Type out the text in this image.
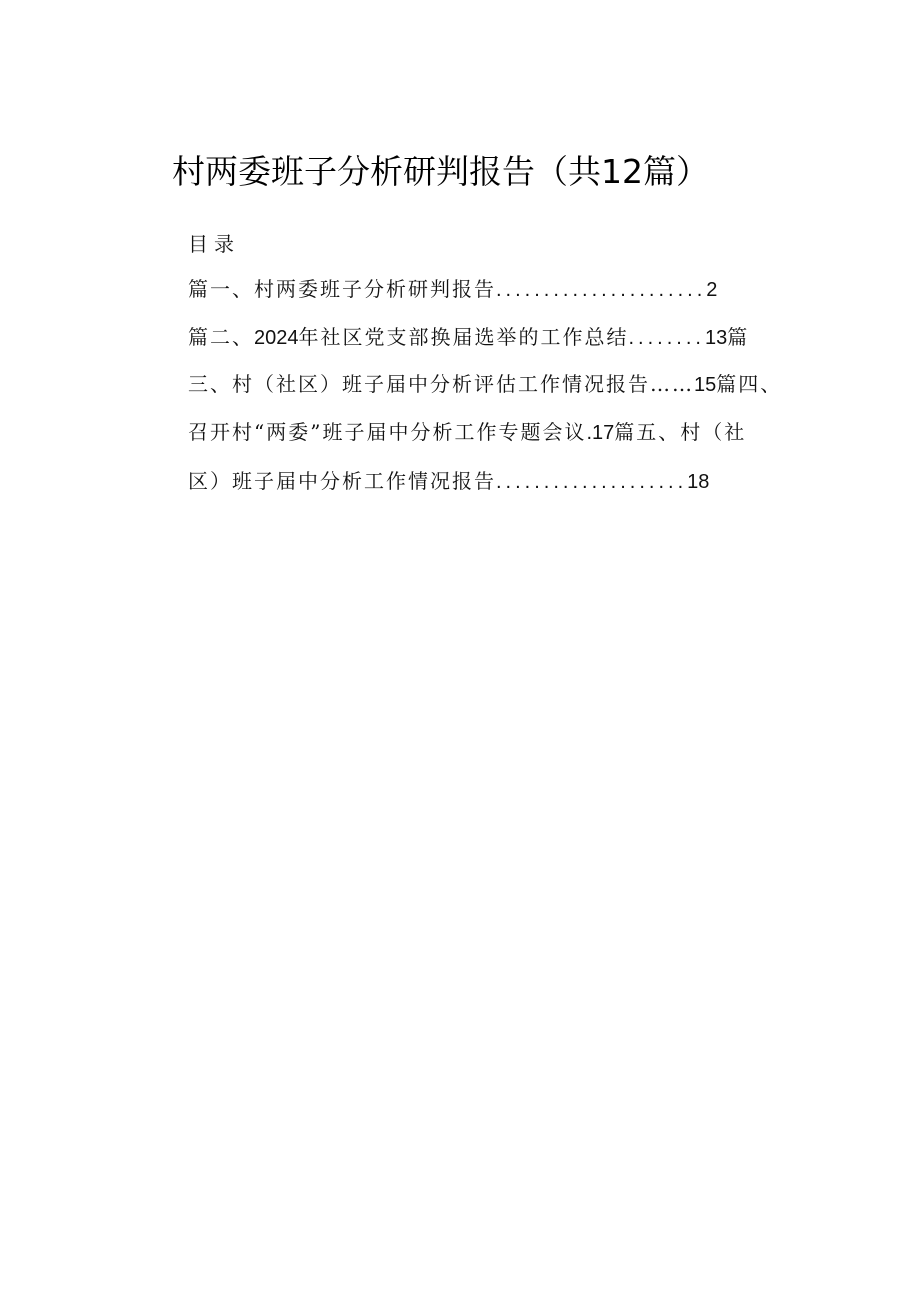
村两委班子分析研判报告（共12篇）
目录
篇一、村两委班子分析研判报告......................2
篇二、2024年社区党支部换届选举的工作总结........13篇
三、村（社区）班子届中分析评估工作情况报告……15篇四、
召开村“两委”班子届中分析工作专题会议.17篇五、村（社
区）班子届中分析工作情况报告....................18
